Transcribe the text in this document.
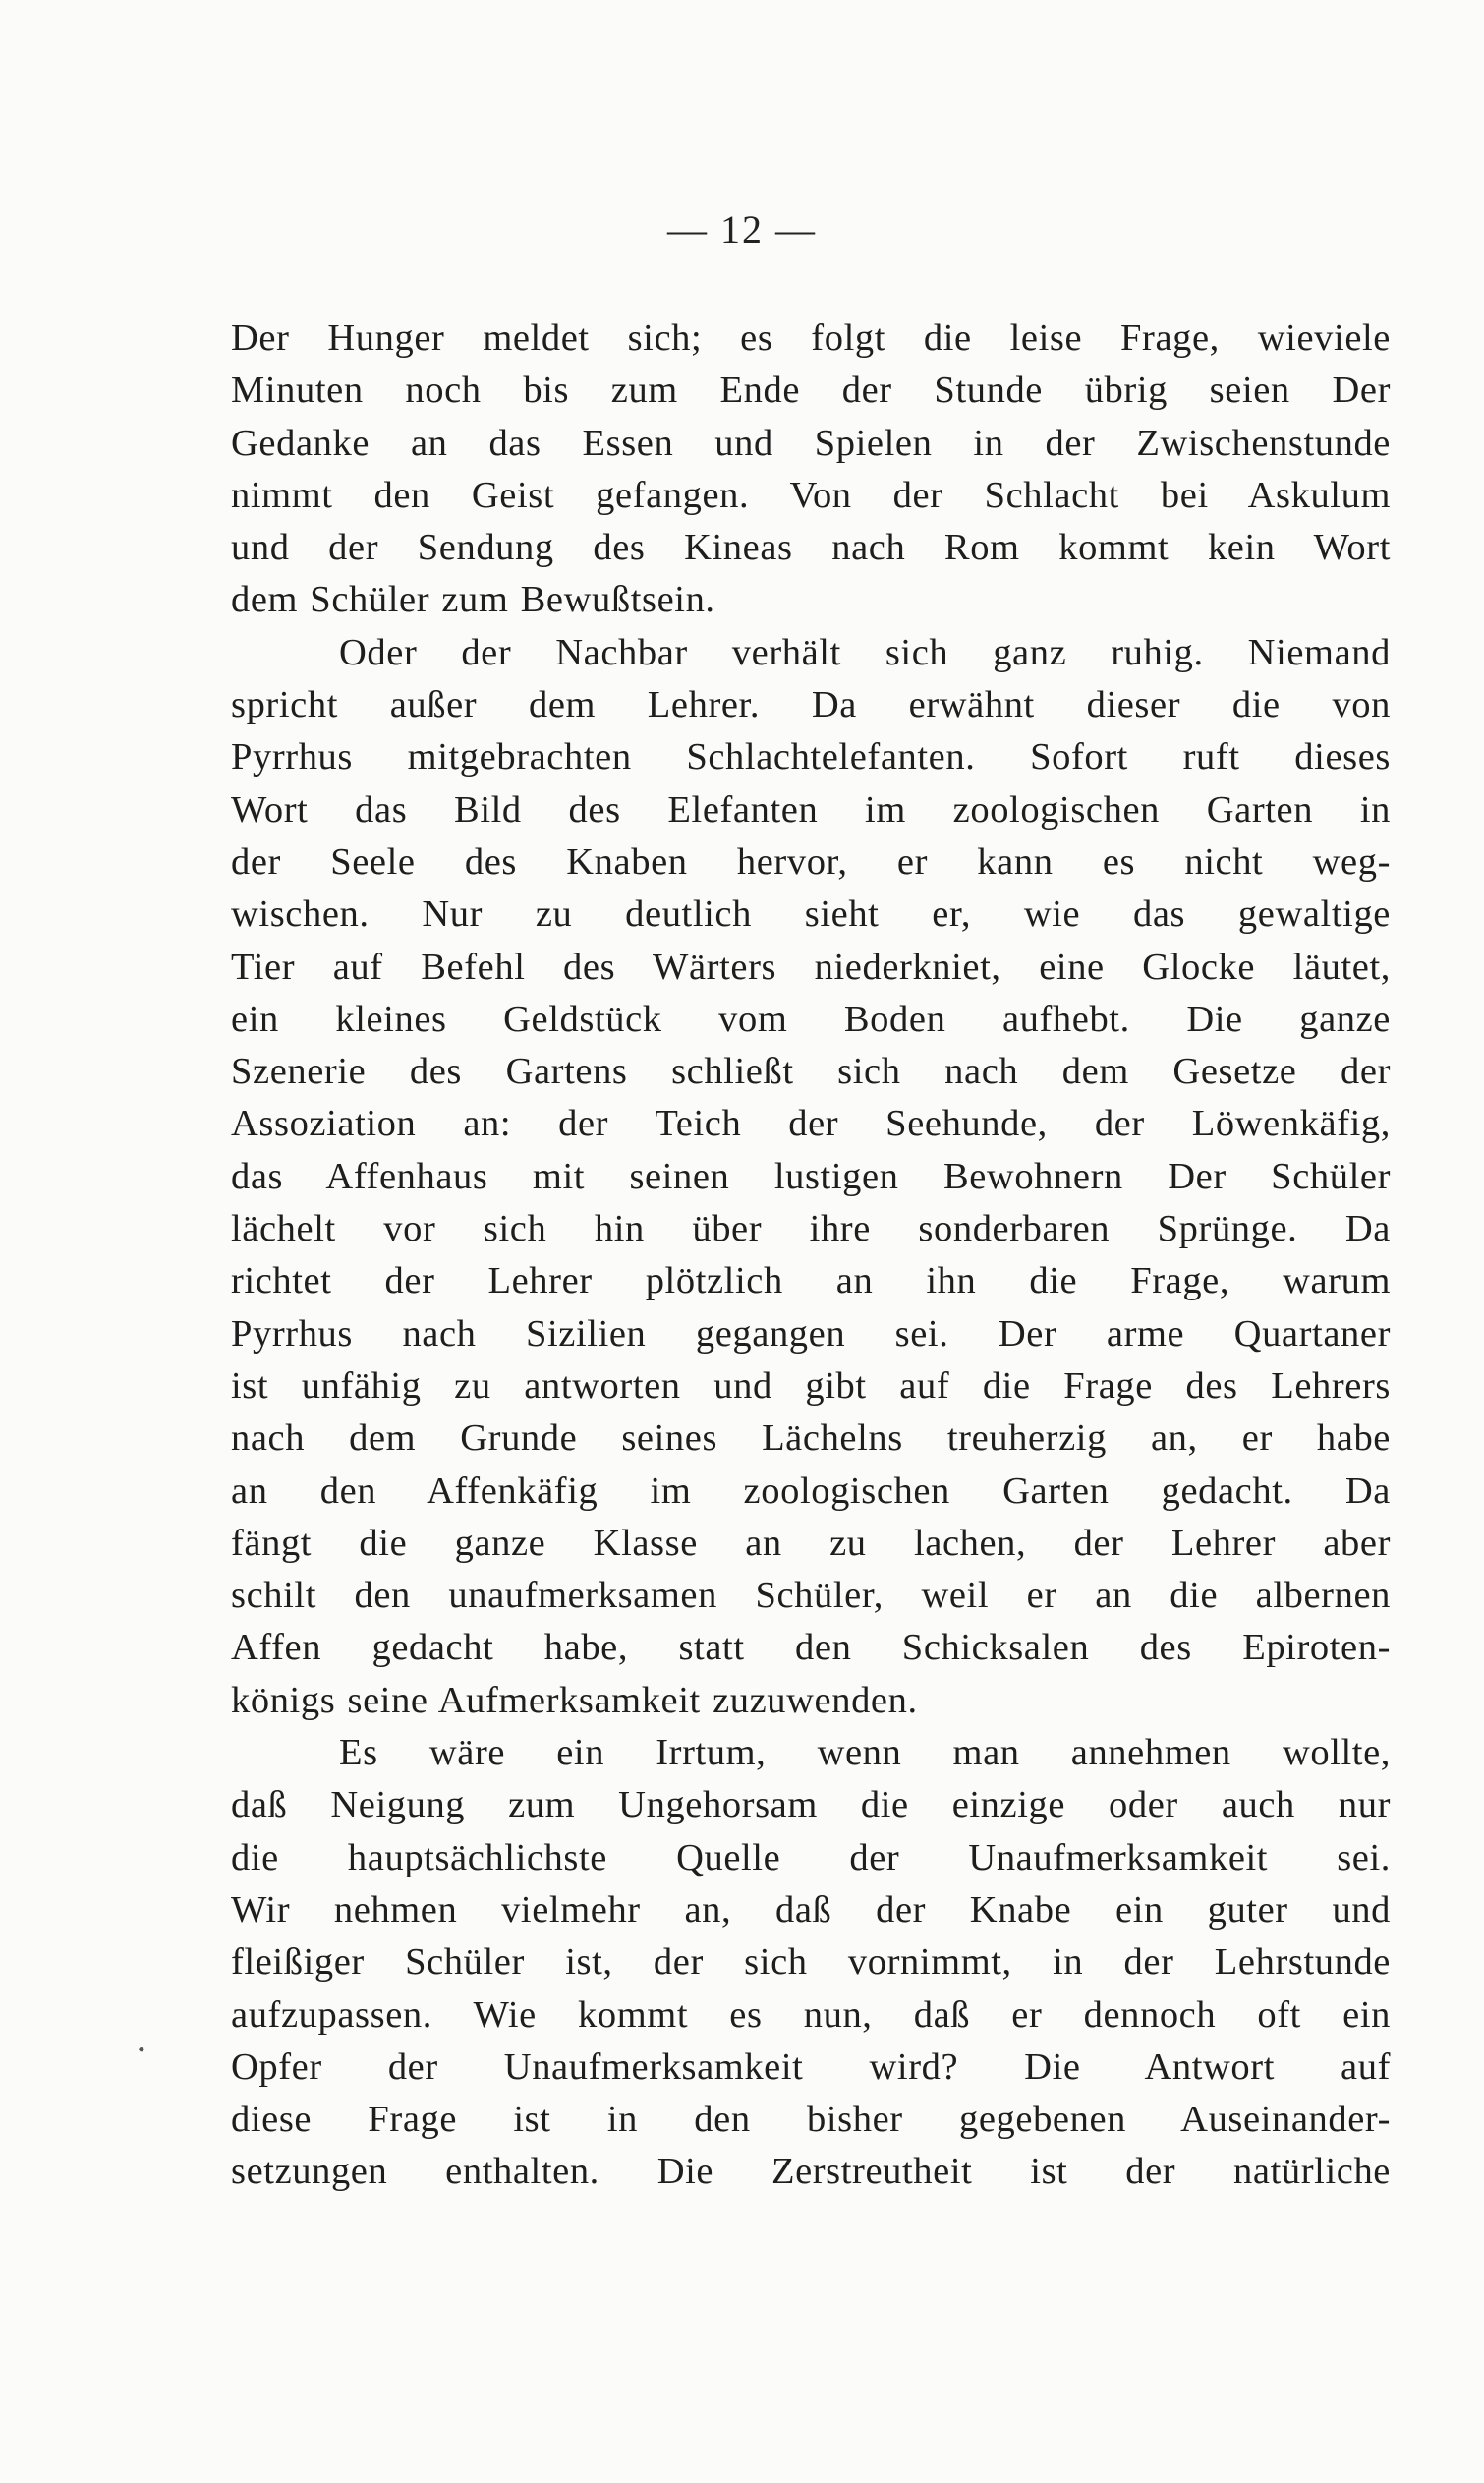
— 12 —
•
Der Hunger meldet sich; es folgt die leise Frage, wieviele
Minuten noch bis zum Ende der Stunde übrig seien Der
Gedanke an das Essen und Spielen in der Zwischenstunde
nimmt den Geist gefangen. Von der Schlacht bei Askulum
und der Sendung des Kineas nach Rom kommt kein Wort
dem Schüler zum Bewußtsein.
Oder der Nachbar verhält sich ganz ruhig. Niemand
spricht außer dem Lehrer. Da erwähnt dieser die von
Pyrrhus mitgebrachten Schlachtelefanten. Sofort ruft dieses
Wort das Bild des Elefanten im zoologischen Garten in
der Seele des Knaben hervor, er kann es nicht weg-
wischen. Nur zu deutlich sieht er, wie das gewaltige
Tier auf Befehl des Wärters niederkniet, eine Glocke läutet,
ein kleines Geldstück vom Boden aufhebt. Die ganze
Szenerie des Gartens schließt sich nach dem Gesetze der
Assoziation an: der Teich der Seehunde, der Löwenkäfig,
das Affenhaus mit seinen lustigen Bewohnern Der Schüler
lächelt vor sich hin über ihre sonderbaren Sprünge. Da
richtet der Lehrer plötzlich an ihn die Frage, warum
Pyrrhus nach Sizilien gegangen sei. Der arme Quartaner
ist unfähig zu antworten und gibt auf die Frage des Lehrers
nach dem Grunde seines Lächelns treuherzig an, er habe
an den Affenkäfig im zoologischen Garten gedacht. Da
fängt die ganze Klasse an zu lachen, der Lehrer aber
schilt den unaufmerksamen Schüler, weil er an die albernen
Affen gedacht habe, statt den Schicksalen des Epiroten-
königs seine Aufmerksamkeit zuzuwenden.
Es wäre ein Irrtum, wenn man annehmen wollte,
daß Neigung zum Ungehorsam die einzige oder auch nur
die hauptsächlichste Quelle der Unaufmerksamkeit sei.
Wir nehmen vielmehr an, daß der Knabe ein guter und
fleißiger Schüler ist, der sich vornimmt, in der Lehrstunde
aufzupassen. Wie kommt es nun, daß er dennoch oft ein
Opfer der Unaufmerksamkeit wird? Die Antwort auf
diese Frage ist in den bisher gegebenen Auseinander-
setzungen enthalten. Die Zerstreutheit ist der natürliche
